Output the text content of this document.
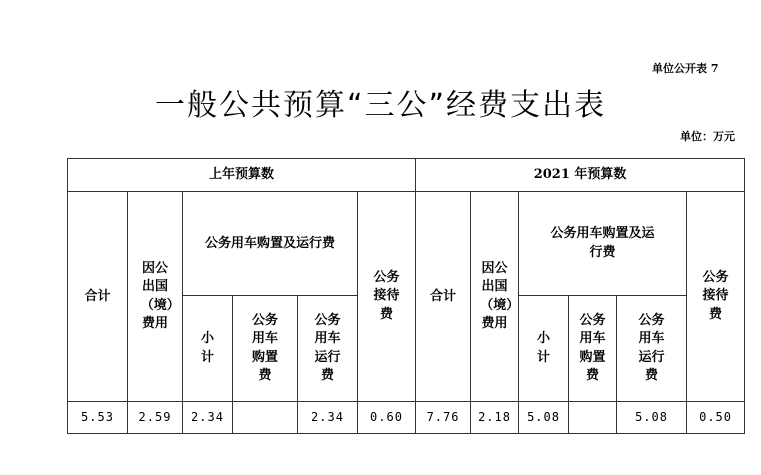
单位公开表 7
一般公共预算“三公”经费支出表
单位：万元
上年预算数						2021 年预算数					
合计	因公出国（境）费用	公务用车购置及运行费			公务接待费	合计	因公出国（境）费用	公务用车购置及运行费			公务接待费
		小计	公务用车购置费	公务用车运行费				小计	公务用车购置费	公务用车运行费	
5.53	2.59	2.34		2.34	0.60	7.76	2.18	5.08		5.08	0.50
